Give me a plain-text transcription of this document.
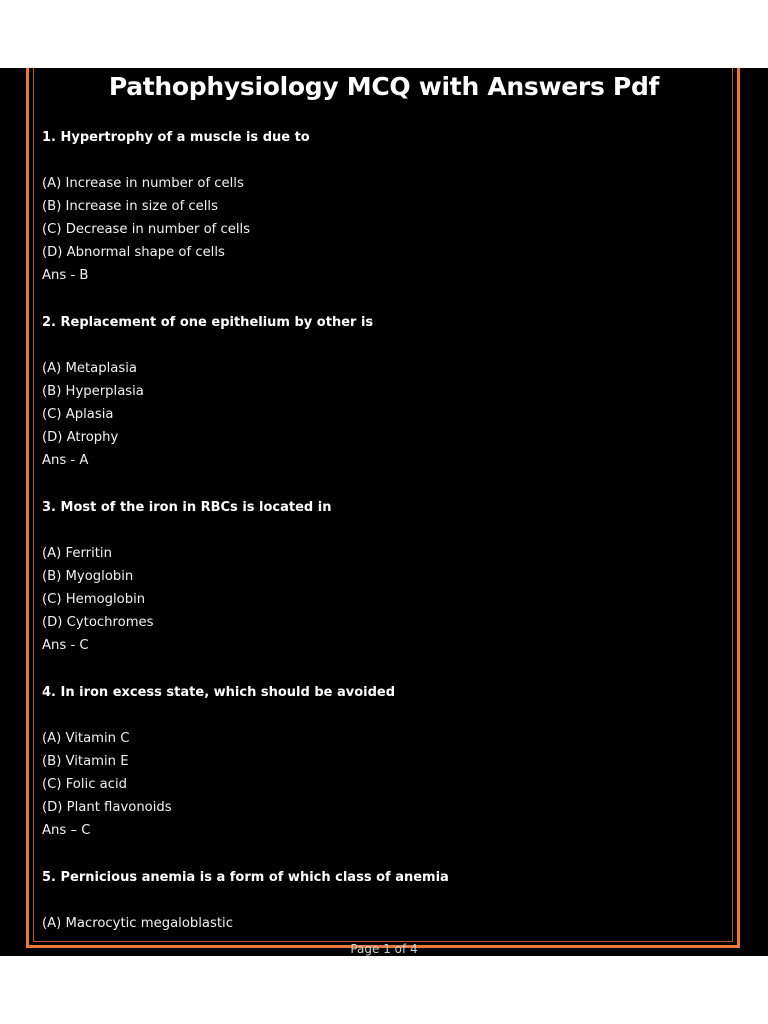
Pathophysiology MCQ with Answers Pdf
1. Hypertrophy of a muscle is due to
(A) Increase in number of cells
(B) Increase in size of cells
(C) Decrease in number of cells
(D) Abnormal shape of cells
Ans - B
2. Replacement of one epithelium by other is
(A) Metaplasia
(B) Hyperplasia
(C) Aplasia
(D) Atrophy
Ans - A
3. Most of the iron in RBCs is located in
(A) Ferritin
(B) Myoglobin
(C) Hemoglobin
(D) Cytochromes
Ans - C
4. In iron excess state, which should be avoided
(A) Vitamin C
(B) Vitamin E
(C) Folic acid
(D) Plant flavonoids
Ans – C
5. Pernicious anemia is a form of which class of anemia
(A) Macrocytic megaloblastic
Page 1 of 4
